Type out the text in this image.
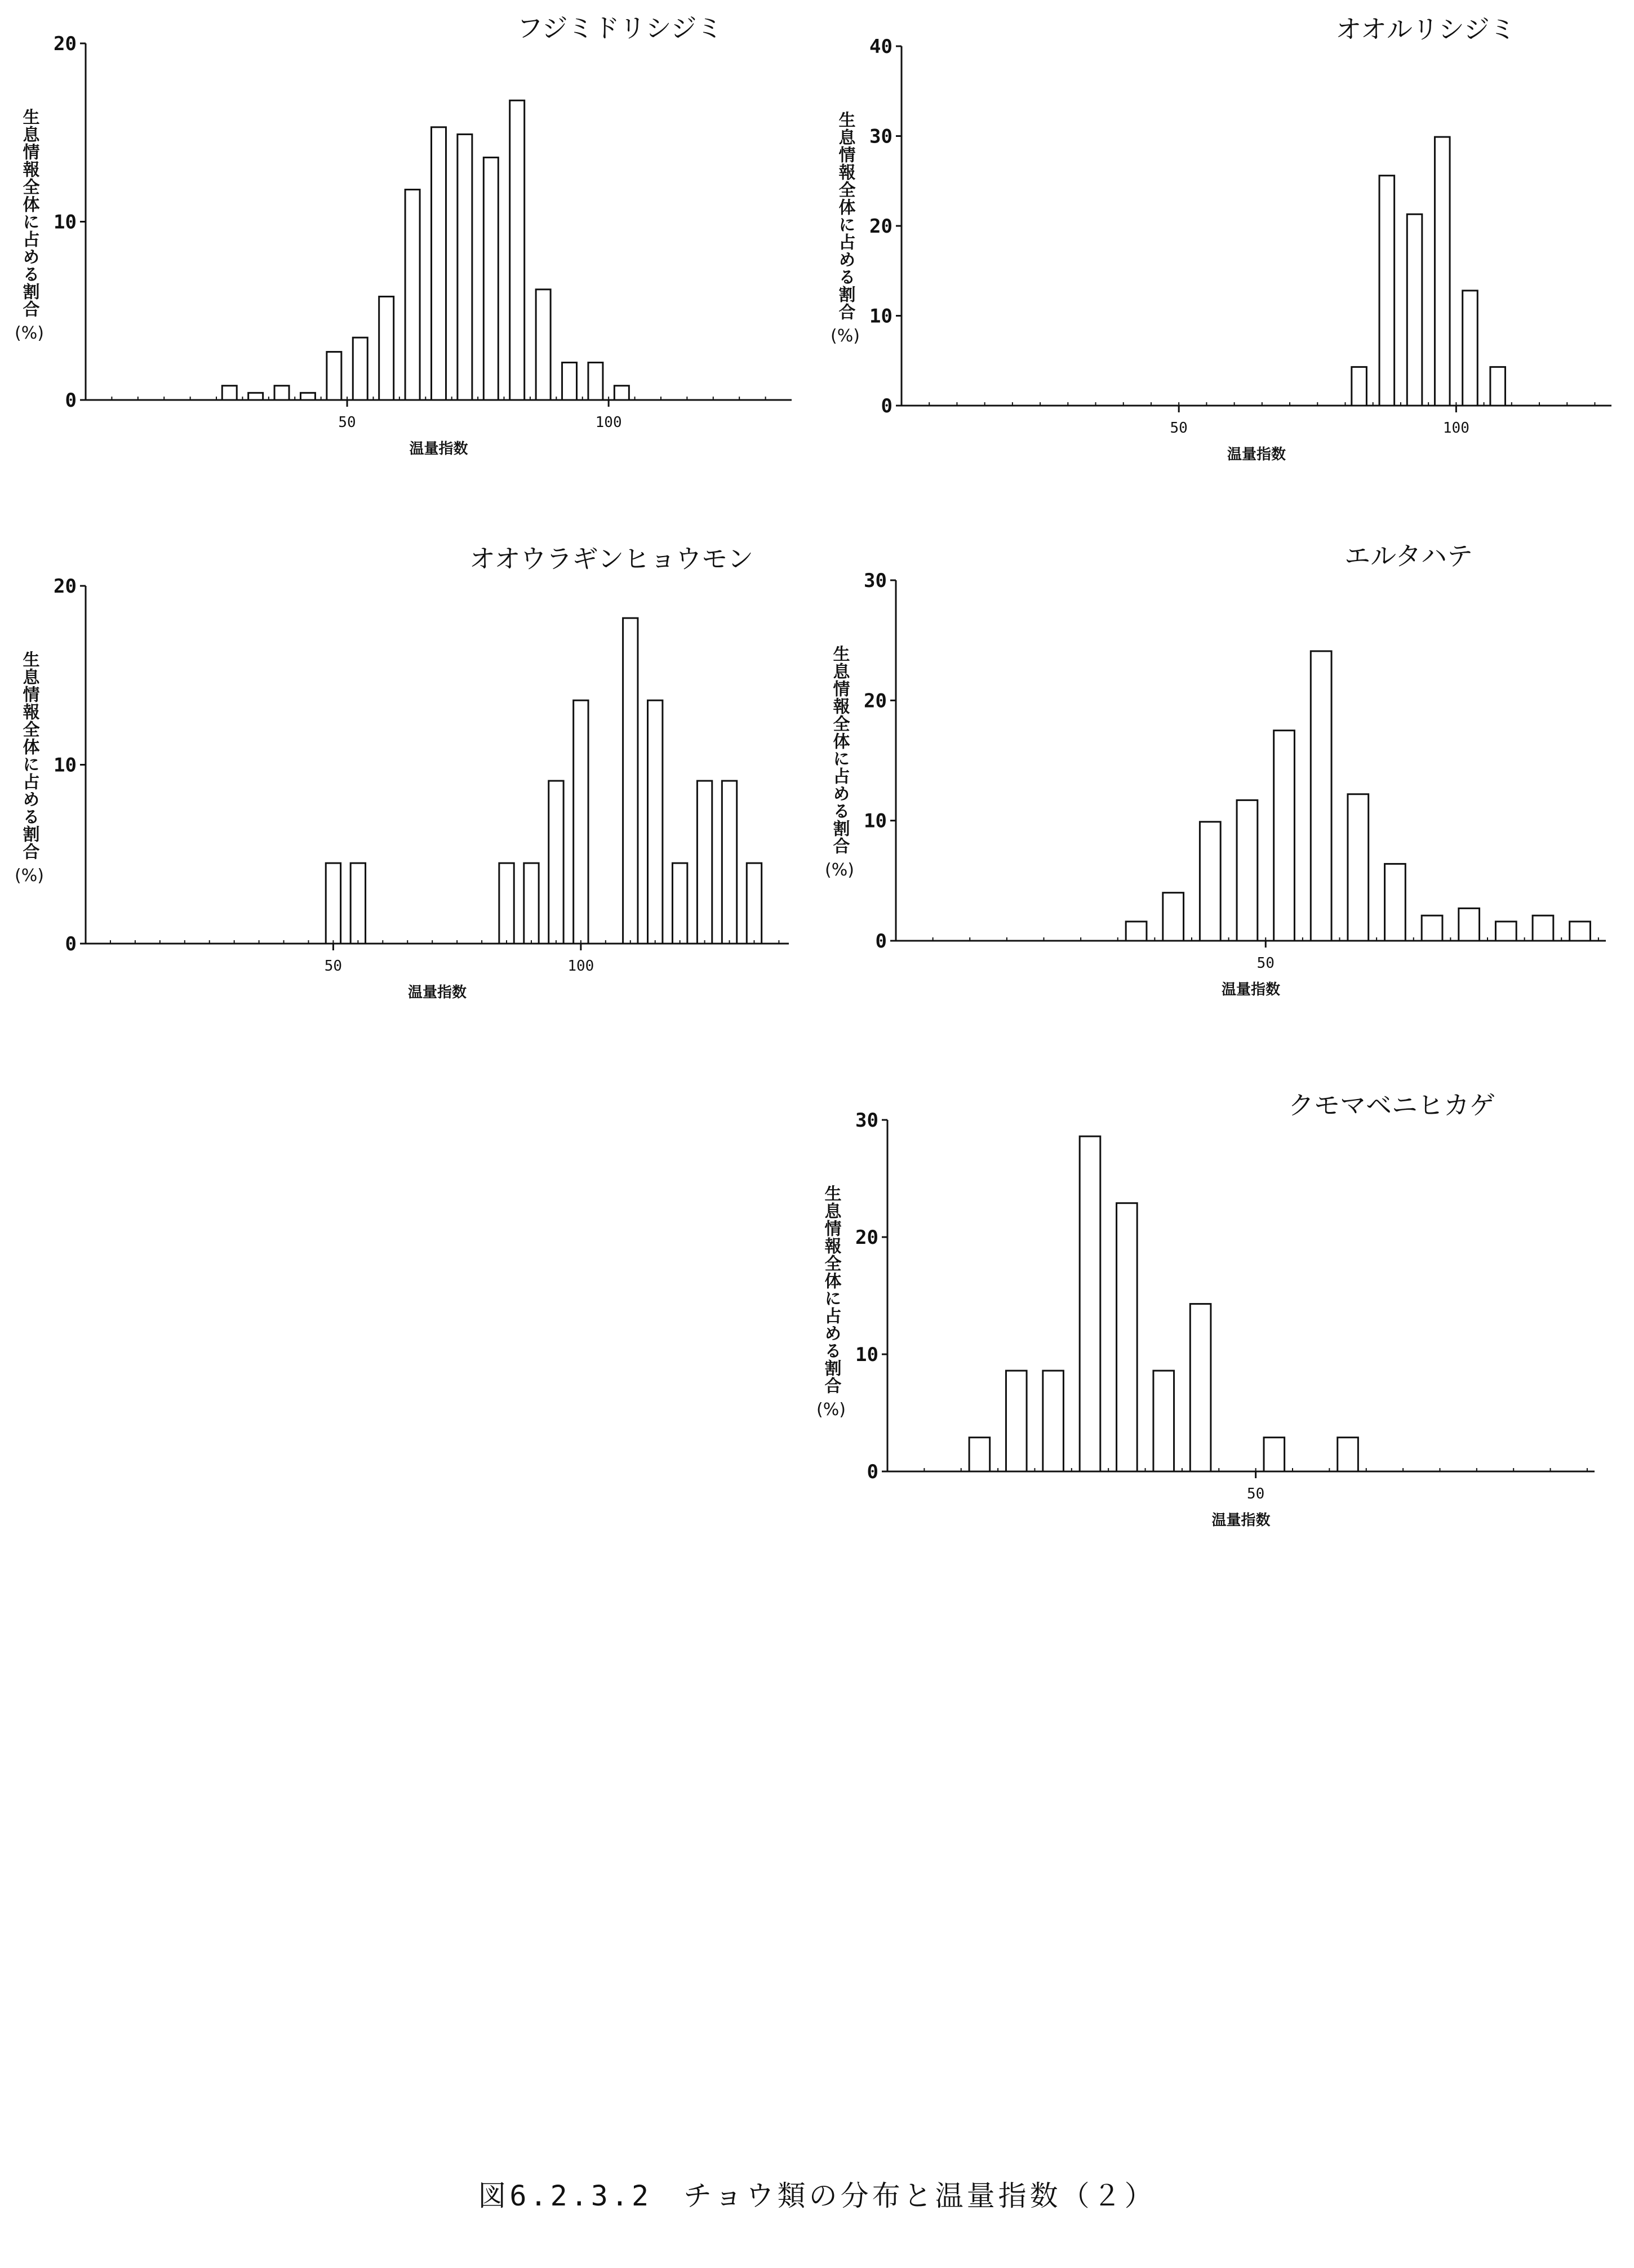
50	100
0
10
20
フジミドリシジミ
温量指数
生息情報全体に占める割合
(%)
50	100
0
10
20
30
40
オオルリシジミ
温量指数
生息情報全体に占める割合
(%)
50	100
0
10
20
オオウラギンヒョウモン
温量指数
生息情報全体に占める割合
(%)
50
0
10
20
30
エルタハテ
温量指数
生息情報全体に占める割合
(%)
50
0
10
20
30	クモマベニヒカゲ
温量指数
生息情報全体に占める割合
(%)
図6.2.3.2　チョウ類の分布と温量指数（２）
